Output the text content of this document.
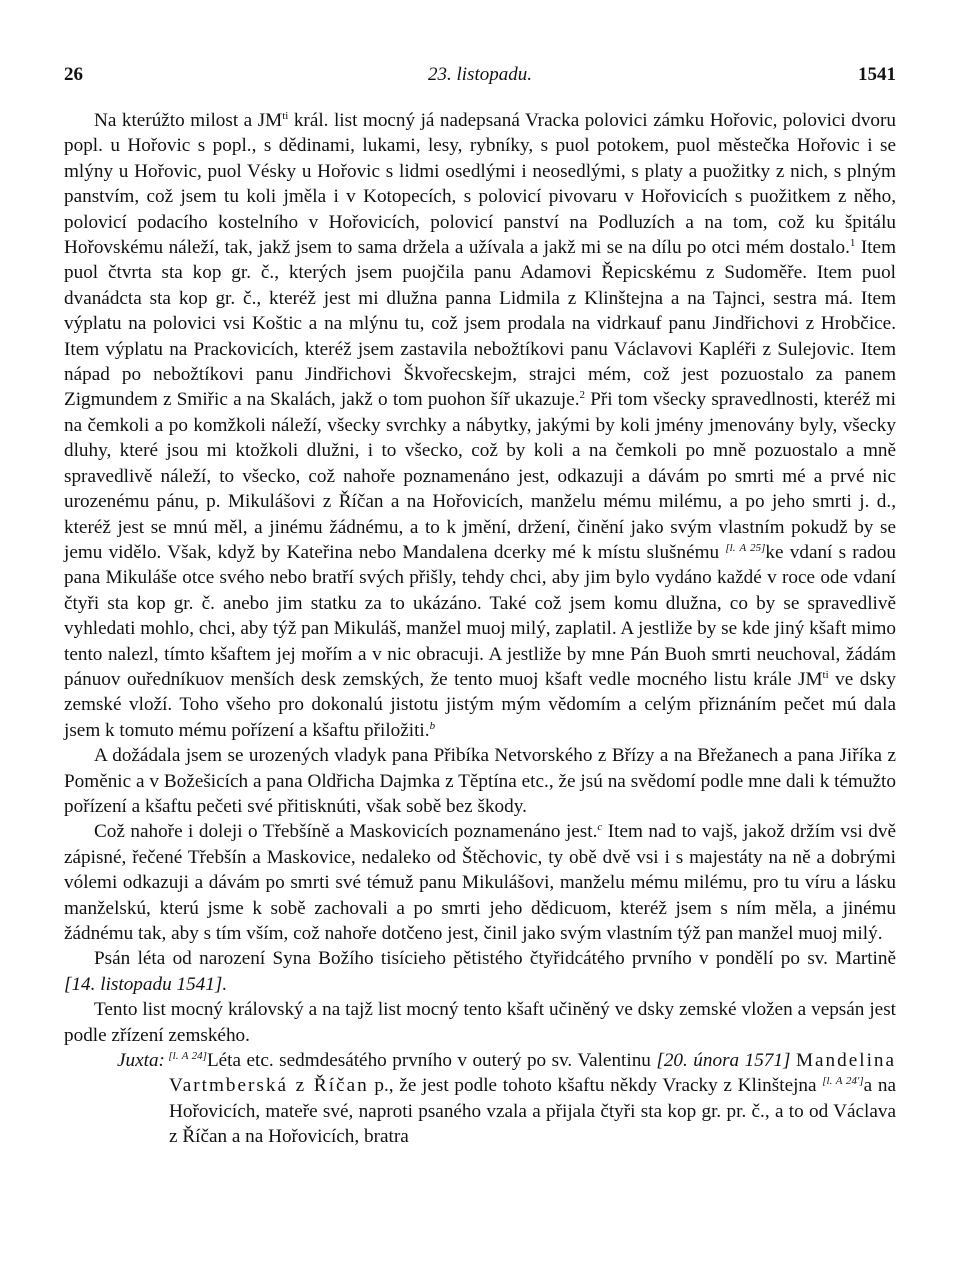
26	23. listopadu.	1541

Na kterúžto milost a $JM^{ti}$ král. list mocný já nadepsaná Vracka polovici zámku Hořovic, polovici dvoru popl. u Hořovic s popl., s dědinami, lukami, lesy, rybníky, s puol potokem, puol městečka Hořovic i se mlýny u Hořovic, puol Vésky u Hořovic s lidmi osedlými i neosedlými, s platy a puožitky z nich, s plným panstvím, což jsem tu koli jměla i v Kotopecích, s polovicí pivovaru v Hořovicích s puožitkem z něho, polovicí podacího kostelního v Hořovicích, polovicí panství na Podluzích a na tom, což ku špitálu Hořovskému náleží, tak, jakž jsem to sama držela a užívala a jakž mi se na dílu po otci mém dostalo.$^1$ Item puol čtvrta sta kop gr. č., kterých jsem puojčila panu Adamovi Řepicskému z Sudoměře. Item puol dvanádcta sta kop gr. č., kteréž jest mi dlužna panna Lidmila z Klinštejna a na Tajnci, sestra má. Item výplatu na polovici vsi Koštic a na mlýnu tu, což jsem prodala na vidrkauf panu Jindřichovi z Hrobčice. Item výplatu na Prackovicích, kteréž jsem zastavila nebožtíkovi panu Václavovi Kapléři z Sulejovic. Item nápad po nebožtíkovi panu Jindřichovi Škvořecskejm, strajci mém, což jest pozuostalo za panem Zigmundem z Smiřic a na Skalách, jakž o tom puohon šíř ukazuje.$^2$ Při tom všecky spravedlnosti, kteréž mi na čemkoli a po komžkoli náleží, všecky svrchky a nábytky, jakými by koli jmény jmenovány byly, všecky dluhy, které jsou mi ktožkoli dlužni, i to všecko, což by koli a na čemkoli po mně pozuostalo a mně spravedlivě náleží, to všecko, což nahoře poznamenáno jest, odkazuji a dávám po smrti mé a prvé nic urozenému pánu, p. Mikulášovi z Říčan a na Hořovicích, manželu mému milému, a po jeho smrti j. d., kteréž jest se mnú měl, a jinému žádnému, a to k jmění, držení, činění jako svým vlastním pokudž by se jemu vidělo. Však, když by Kateřina nebo Mandalena dcerky mé k místu slušnému [l. A 25]ke vdaní s radou pana Mikuláše otce svého nebo bratří svých přišly, tehdy chci, aby jim bylo vydáno každé v roce ode vdaní čtyři sta kop gr. č. anebo jim statku za to ukázáno. Také což jsem komu dlužna, co by se spravedlivě vyhledati mohlo, chci, aby týž pan Mikuláš, manžel muoj milý, zaplatil. A jestliže by se kde jiný kšaft mimo tento nalezl, tímto kšaftem jej mořím a v nic obracuji. A jestliže by mne Pán Buoh smrti neuchoval, žádám pánuov ouředníkuov menších desk zemských, že tento muoj kšaft vedle mocného listu krále $JM^{ti}$ ve dsky zemské vloží. Toho všeho pro dokonalú jistotu jistým mým vědomím a celým přiznáním pečet mú dala jsem k tomuto mému pořízení a kšaftu přiložiti.$^b$

A dožádala jsem se urozených vladyk pana Přibíka Netvorského z Břízy a na Břežanech a pana Jiříka z Poměnic a v Božešicích a pana Oldřicha Dajmka z Těptína etc., že jsú na svědomí podle mne dali k témužto pořízení a kšaftu pečeti své přitisknúti, však sobě bez škody.

Což nahoře i doleji o Třebšíně a Maskovicích poznamenáno jest.$^c$ Item nad to vajš, jakož držím vsi dvě zápisné, řečené Třebšín a Maskovice, nedaleko od Štěchovic, ty obě dvě vsi i s majestáty na ně a dobrými vólemi odkazuji a dávám po smrti své témuž panu Mikulášovi, manželu mému milému, pro tu víru a lásku manželskú, kterú jsme k sobě zachovali a po smrti jeho dědicuom, kteréž jsem s ním měla, a jinému žádnému tak, aby s tím vším, což nahoře dotčeno jest, činil jako svým vlastním týž pan manžel muoj milý.

Psán léta od narození Syna Božího tisícieho pětistého čtyřidcátého prvního v pondělí po sv. Martině [14. listopadu 1541].

Tento list mocný královský a na tajž list mocný tento kšaft učiněný ve dsky zemské vložen a vepsán jest podle zřízení zemského.

Juxta: [l. A 24]Léta etc. sedmdesátého prvního v outerý po sv. Valentinu [20. února 1571] Mandelina Vartmberská z Říčan p., že jest podle tohoto kšaftu někdy Vracky z Klinštejna [l. A 24']a na Hořovicích, mateře své, naproti psaného vzala a přijala čtyři sta kop gr. pr. č., a to od Václava z Říčan a na Hořovicích, bratra
